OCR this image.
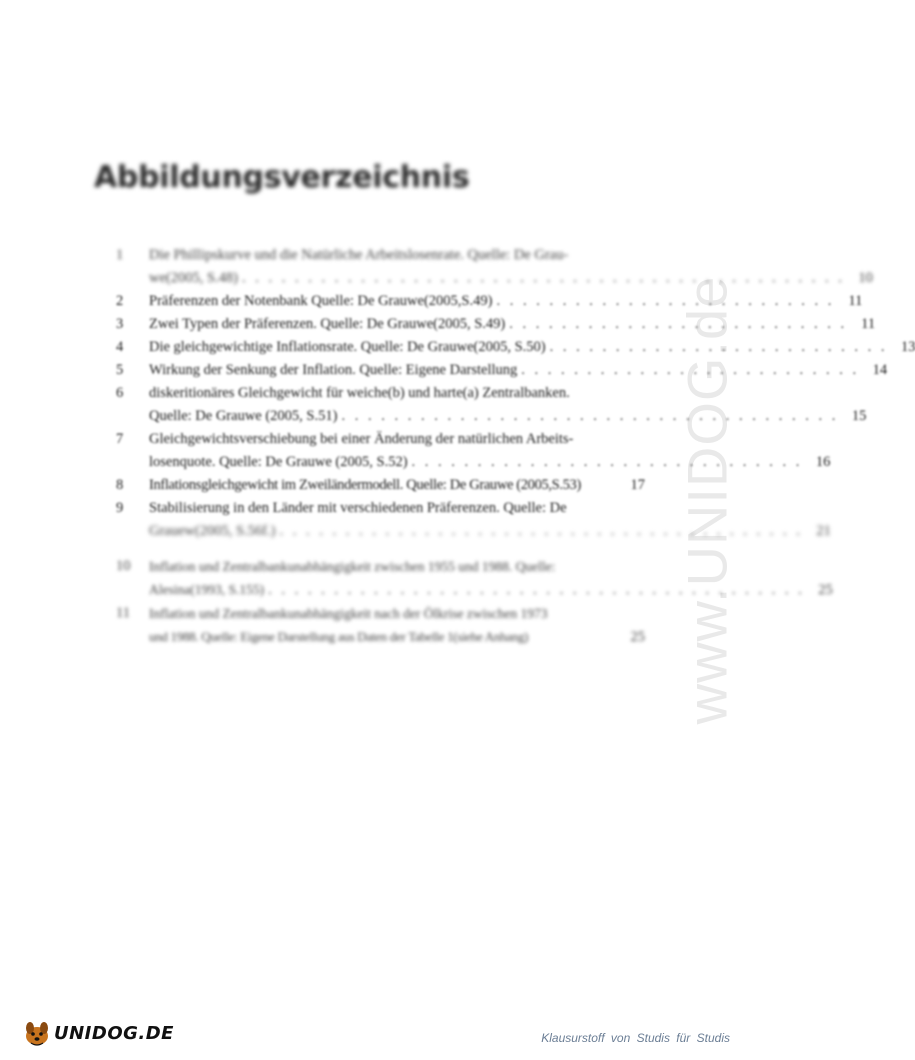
www.UNIDOG.de
Abbildungsverzeichnis
1	Die Phillipskurve und die Natürliche Arbeitslosenrate. Quelle: De Grau-
we(2005, S.48) . . . . . . . . . . . . . . . . . . . . . . . . . . . . . . . . . . . . . . . . . . . . . . 10
2	Präferenzen der Notenbank Quelle: De Grauwe(2005,S.49) . . . . . . . . . . . . . . . . . . . . . . . . . . 11
3	Zwei Typen der Präferenzen. Quelle: De Grauwe(2005, S.49) . . . . . . . . . . . . . . . . . . . . . . . . . . 11
4	Die gleichgewichtige Inflationsrate. Quelle: De Grauwe(2005, S.50) . . . . . . . . . . . . . . . . . . . . . . . . . . 13
5	Wirkung der Senkung der Inflation. Quelle: Eigene Darstellung . . . . . . . . . . . . . . . . . . . . . . . . . . 14
6	diskeritionäres Gleichgewicht für weiche(b) und harte(a) Zentralbanken.
Quelle: De Grauwe (2005, S.51) . . . . . . . . . . . . . . . . . . . . . . . . . . . . . . . . . . . . . . 15
7	Gleichgewichtsverschiebung bei einer Änderung der natürlichen Arbeits-
losenquote. Quelle: De Grauwe (2005, S.52) . . . . . . . . . . . . . . . . . . . . . . . . . . . . . . 16
8	Inflationsgleichgewicht im Zweiländermodell. Quelle: De Grauwe (2005,S.53)	17
9	Stabilisierung in den Länder mit verschiedenen Präferenzen. Quelle: De
Grauew(2005, S.56f.) . . . . . . . . . . . . . . . . . . . . . . . . . . . . . . . . . . . . . . . . 21
10	Inflation und Zentralbankunabhängigkeit zwischen 1955 und 1988. Quelle:
Alesina(1993, S.155) . . . . . . . . . . . . . . . . . . . . . . . . . . . . . . . . . . . . . . . . . 25
11	Inflation und Zentralbankunabhängigkeit nach der Ölkrise zwischen 1973
und 1988. Quelle: Eigene Darstellung aus Daten der Tabelle 1(siehe Anhang)	25
UNIDOG.DE	Klausurstoff von Studis für Studis
